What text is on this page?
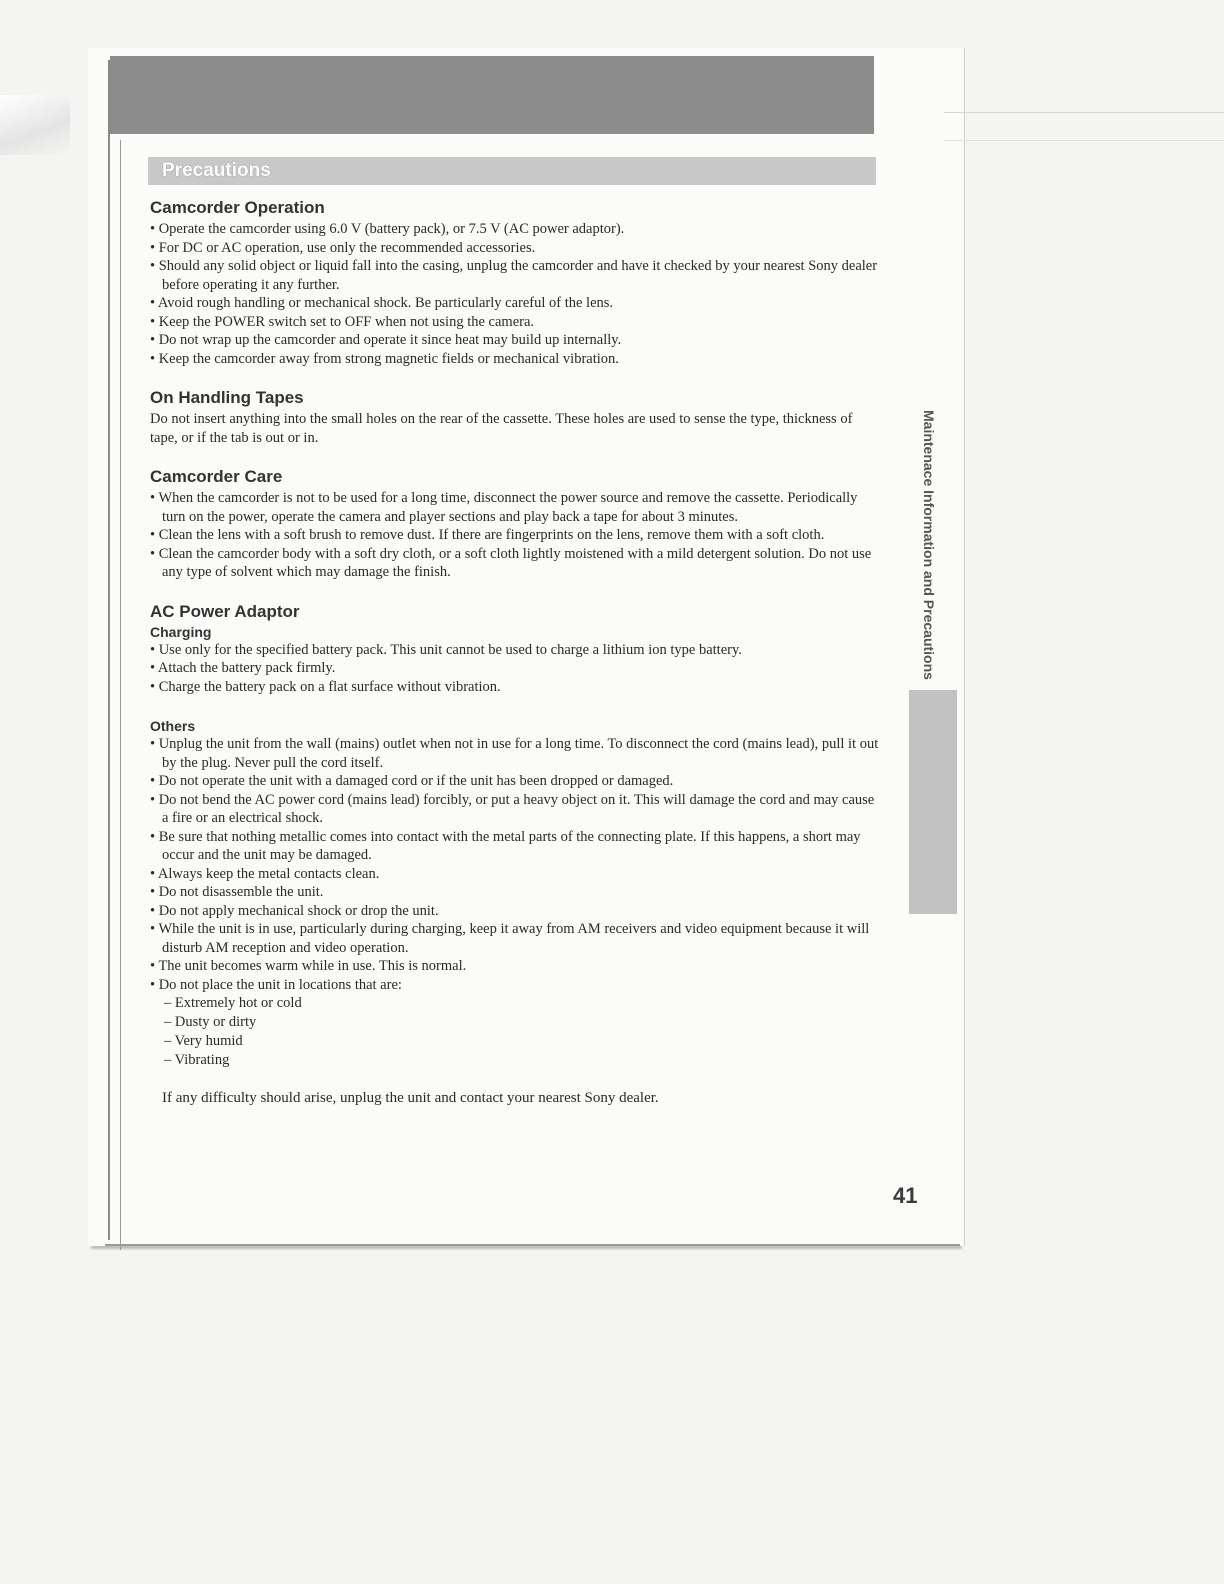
Precautions
Camcorder Operation
• Operate the camcorder using 6.0 V (battery pack), or 7.5 V (AC power adaptor).
• For DC or AC operation, use only the recommended accessories.
• Should any solid object or liquid fall into the casing, unplug the camcorder and have it checked by your nearest Sony dealer before operating it any further.
• Avoid rough handling or mechanical shock. Be particularly careful of the lens.
• Keep the POWER switch set to OFF when not using the camera.
• Do not wrap up the camcorder and operate it since heat may build up internally.
• Keep the camcorder away from strong magnetic fields or mechanical vibration.
On Handling Tapes

Do not insert anything into the small holes on the rear of the cassette. These holes are used to sense the type, thickness of tape, or if the tab is out or in.

Camcorder Care
• When the camcorder is not to be used for a long time, disconnect the power source and remove the cassette. Periodically turn on the power, operate the camera and player sections and play back a tape for about 3 minutes.
• Clean the lens with a soft brush to remove dust. If there are fingerprints on the lens, remove them with a soft cloth.
• Clean the camcorder body with a soft dry cloth, or a soft cloth lightly moistened with a mild detergent solution. Do not use any type of solvent which may damage the finish.
AC Power Adaptor
Charging
• Use only for the specified battery pack. This unit cannot be used to charge a lithium ion type battery.
• Attach the battery pack firmly.
• Charge the battery pack on a flat surface without vibration.
Others
• Unplug the unit from the wall (mains) outlet when not in use for a long time. To disconnect the cord (mains lead), pull it out by the plug. Never pull the cord itself.
• Do not operate the unit with a damaged cord or if the unit has been dropped or damaged.
• Do not bend the AC power cord (mains lead) forcibly, or put a heavy object on it. This will damage the cord and may cause a fire or an electrical shock.
• Be sure that nothing metallic comes into contact with the metal parts of the connecting plate. If this happens, a short may occur and the unit may be damaged.
• Always keep the metal contacts clean.
• Do not disassemble the unit.
• Do not apply mechanical shock or drop the unit.
• While the unit is in use, particularly during charging, keep it away from AM receivers and video equipment because it will disturb AM reception and video operation.
• The unit becomes warm while in use. This is normal.
• Do not place the unit in locations that are:
– Extremely hot or cold
– Dusty or dirty
– Very humid
– Vibrating

If any difficulty should arise, unplug the unit and contact your nearest Sony dealer.

Maintenace Information and Precautions
41
